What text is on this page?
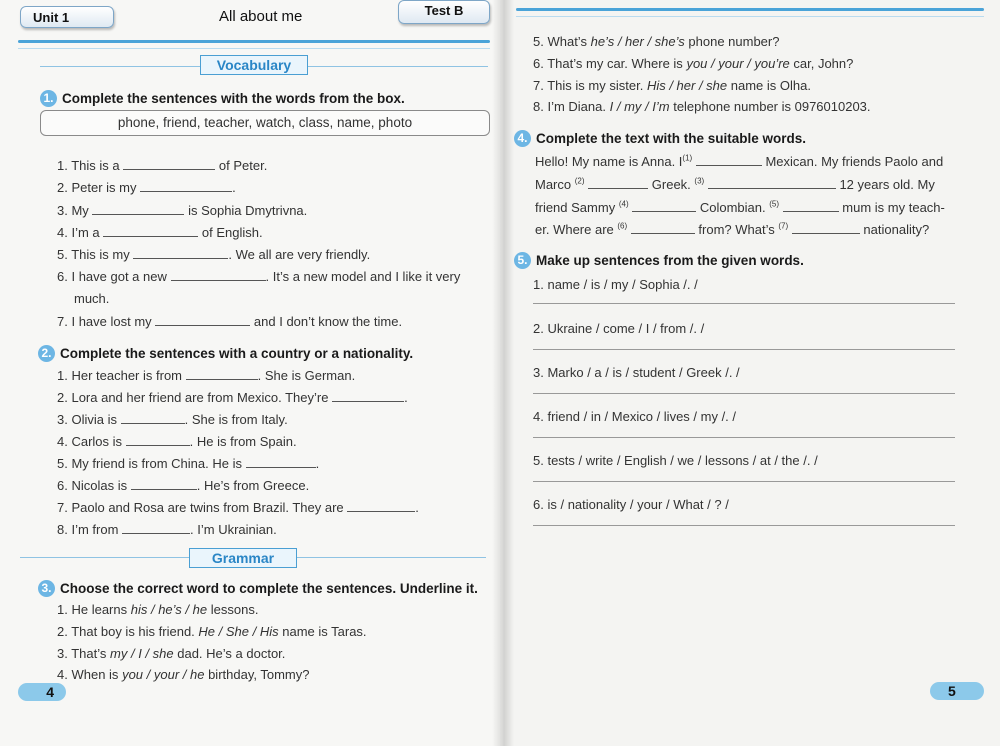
Unit 1	All about me	Test B
Vocabulary
1. Complete the sentences with the words from the box.
phone, friend, teacher, watch, class, name, photo
1. This is a	of Peter.
2. Peter is my	.
3. My	is Sophia Dmytrivna.
4. I’m a	of English.
5. This is my	. We all are very friendly.
6. I have got a new	. It’s a new model and I like it very
much.
7. I have lost my	and I don’t know the time.
2. Complete the sentences with a country or a nationality.
1. Her teacher is from	. She is German.
2. Lora and her friend are from Mexico. They’re	.
3. Olivia is	. She is from Italy.
4. Carlos is	. He is from Spain.
5. My friend is from China. He is	.
6. Nicolas is	. He’s from Greece.
7. Paolo and Rosa are twins from Brazil. They are	.
8. I’m from	. I’m Ukrainian.
Grammar
3. Choose the correct word to complete the sentences. Underline it.
1. He learns his / he’s / he lessons.
2. That boy is his friend. He / She / His name is Taras.
3. That’s my / I / she dad. He’s a doctor.
4. When is you / your / he birthday, Tommy?
4
5. What’s he’s / her / she’s phone number?
6. That’s my car. Where is you / your / you’re car, John?
7. This is my sister. His / her / she name is Olha.
8. I’m Diana. I / my / I’m telephone number is 0976010203.
4. Complete the text with the suitable words.
Hello! My name is Anna. $I^{(1)}$	Mexican. My friends Paolo and
Marco $^{(2)}$	Greek. $^{(3)}$	12 years old. My
friend Sammy $^{(4)}$	Colombian. $^{(5)}$	mum is my teach-
er. Where are $^{(6)}$	from? What’s $^{(7)}$	nationality?
5. Make up sentences from the given words.
1. name / is / my / Sophia /. /
2. Ukraine / come / I / from /. /
3. Marko / a / is / student / Greek /. /
4. friend / in / Mexico / lives / my /. /
5. tests / write / English / we / lessons / at / the /. /
6. is / nationality / your / What / ? /
5
